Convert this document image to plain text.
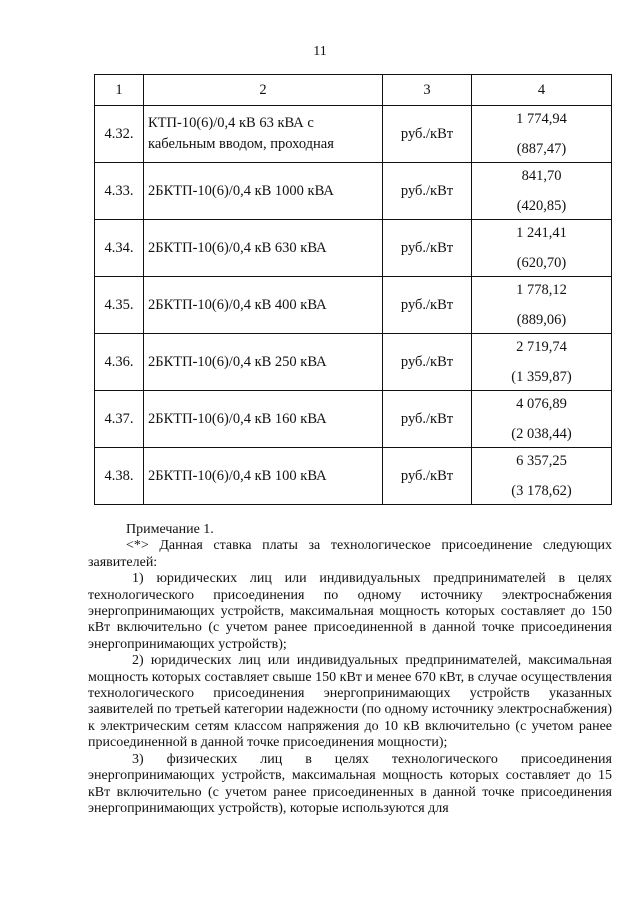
11
1	2	3	4
4.32.	КТП-10(6)/0,4 кВ 63 кВА с кабельным вводом, проходная	руб./кВт	1 774,94
(887,47)

4.33.	2БКТП-10(6)/0,4 кВ 1000 кВА	руб./кВт	841,70
(420,85)

4.34.	2БКТП-10(6)/0,4 кВ 630 кВА	руб./кВт	1 241,41
(620,70)

4.35.	2БКТП-10(6)/0,4 кВ 400 кВА	руб./кВт	1 778,12
(889,06)

4.36.	2БКТП-10(6)/0,4 кВ 250 кВА	руб./кВт	2 719,74
(1 359,87)

4.37.	2БКТП-10(6)/0,4 кВ 160 кВА	руб./кВт	4 076,89
(2 038,44)

4.38.	2БКТП-10(6)/0,4 кВ 100 кВА	руб./кВт	6 357,25
(3 178,62)

Примечание 1.

<*> Данная ставка платы за технологическое присоединение следующих заявителей:

1) юридических лиц или индивидуальных предпринимателей в целях технологического присоединения по одному источнику электроснабжения энергопринимающих устройств, максимальная мощность которых составляет до 150 кВт включительно (с учетом ранее присоединенной в данной точке присоединения энергопринимающих устройств);

2) юридических лиц или индивидуальных предпринимателей, максимальная мощность которых составляет свыше 150 кВт и менее 670 кВт, в случае осуществления технологического присоединения энергопринимающих устройств указанных заявителей по третьей категории надежности (по одному источнику электроснабжения) к электрическим сетям классом напряжения до 10 кВ включительно (с учетом ранее присоединенной в данной точке присоединения мощности);

3) физических лиц в целях технологического присоединения энергопринимающих устройств, максимальная мощность которых составляет до 15 кВт включительно (с учетом ранее присоединенных в данной точке присоединения энергопринимающих устройств), которые используются для
